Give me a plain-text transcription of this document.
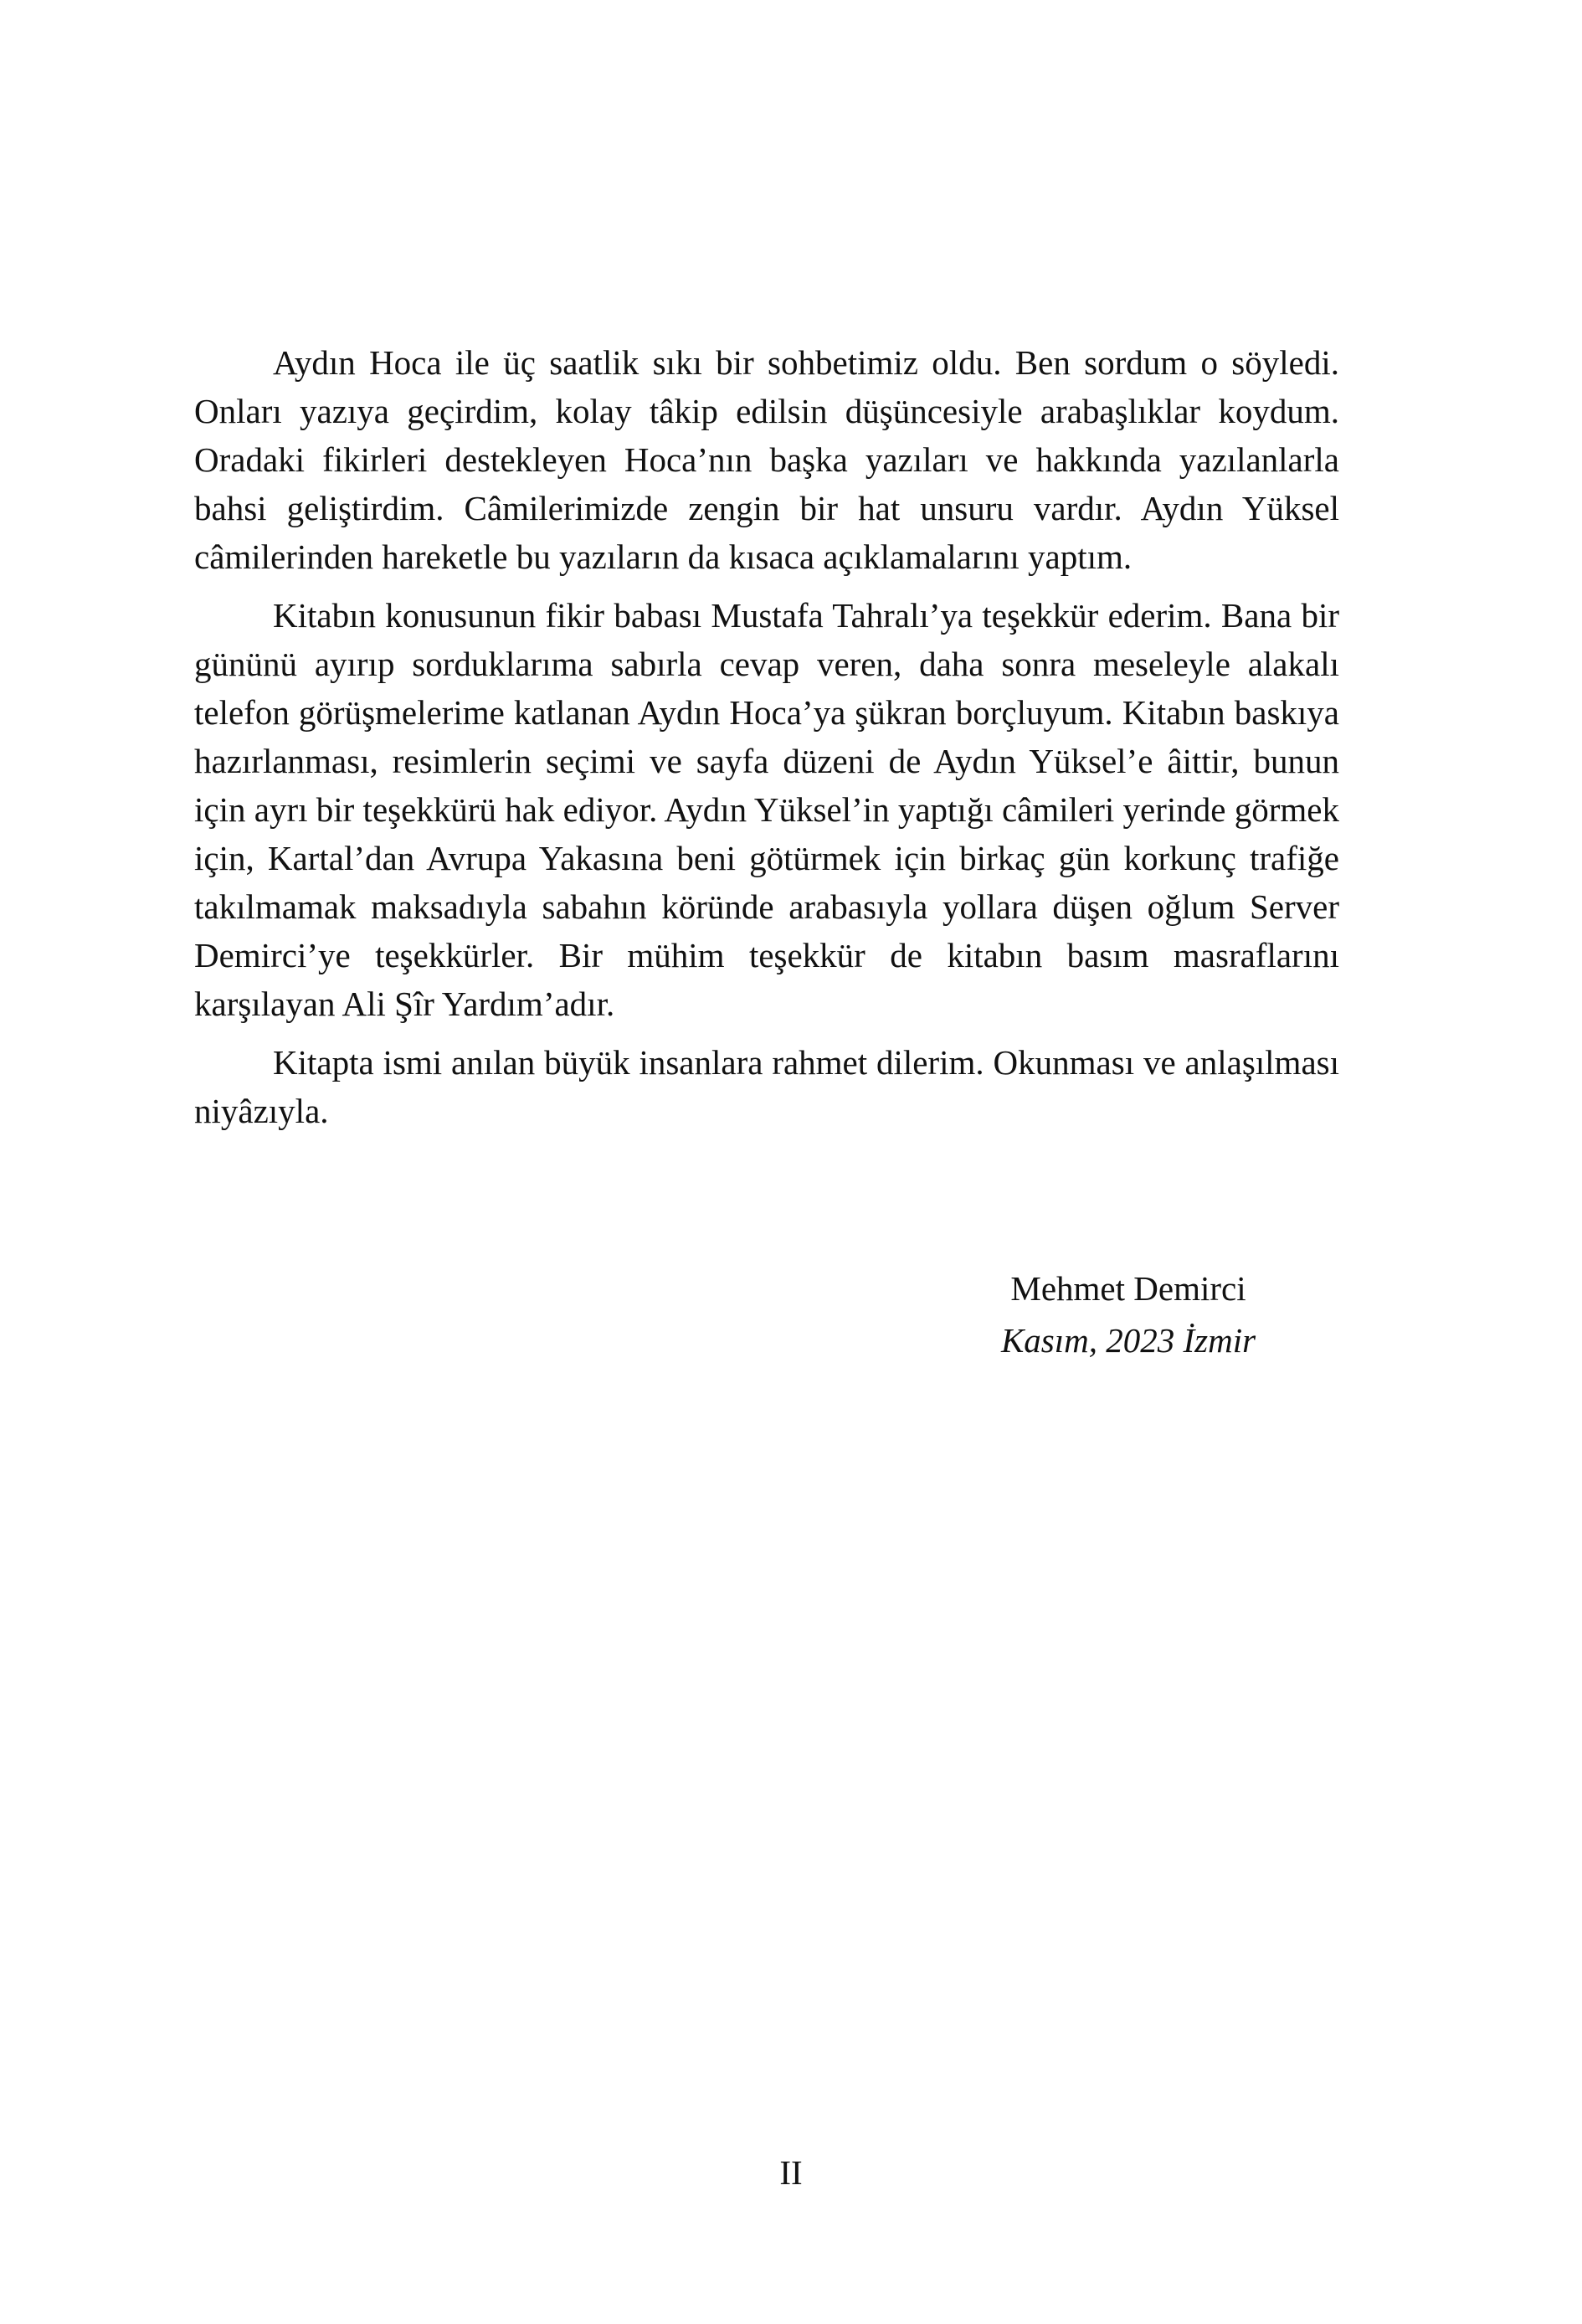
Aydın Hoca ile üç saatlik sıkı bir sohbetimiz oldu. Ben sordum o söyledi. Onları yazıya geçirdim, kolay tâkip edilsin düşüncesiyle arabaşlıklar koydum. Oradaki fikirleri destekleyen Hoca’nın başka yazıları ve hakkında yazılanlarla bahsi geliştirdim. Câmilerimizde zengin bir hat unsuru vardır. Aydın Yüksel câmilerinden hareketle bu yazıların da kısaca açıklamalarını yaptım.

Kitabın konusunun fikir babası Mustafa Tahralı’ya teşekkür ederim. Bana bir gününü ayırıp sorduklarıma sabırla cevap veren, daha sonra meseleyle alakalı telefon görüşmelerime katlanan Aydın Hoca’ya şükran borçluyum. Kitabın baskıya hazırlanması, resimlerin seçimi ve sayfa düzeni de Aydın Yüksel’e âittir, bunun için ayrı bir teşekkürü hak ediyor. Aydın Yüksel’in yaptığı câmileri yerinde görmek için, Kartal’dan Avrupa Yakasına beni götürmek için birkaç gün korkunç trafiğe takılmamak maksadıyla sabahın köründe arabasıyla yollara düşen oğlum Server Demirci’ye teşekkürler. Bir mühim teşekkür de kitabın basım masraflarını karşılayan Ali Şîr Yardım’adır.

Kitapta ismi anılan büyük insanlara rahmet dilerim. Okunması ve anlaşılması niyâzıyla.

Mehmet Demirci
Kasım, 2023 İzmir
II
